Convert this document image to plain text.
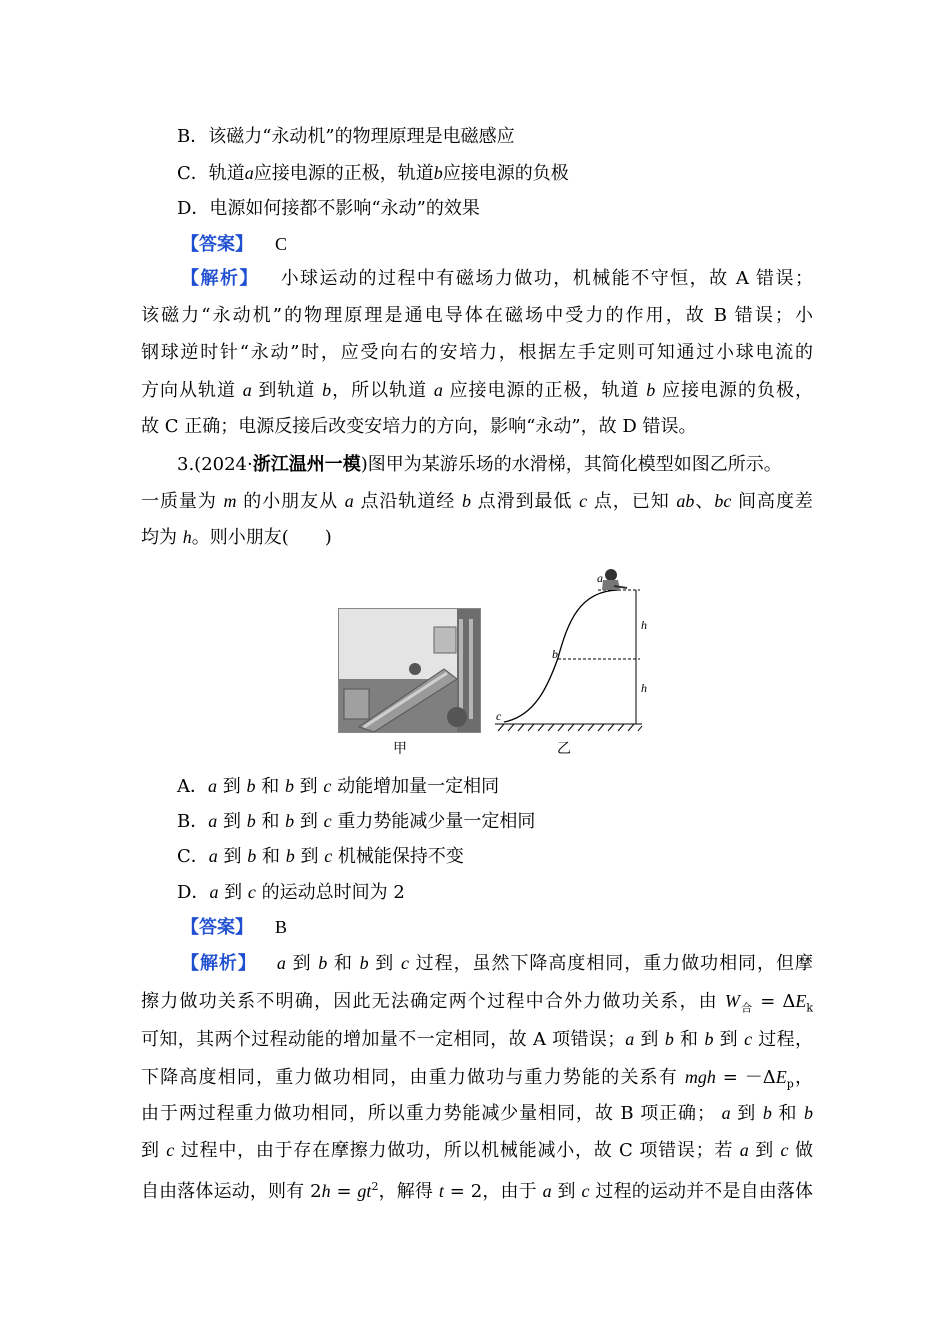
B．该磁力“永动机”的物理原理是电磁感应
C．轨道a应接电源的正极，轨道b应接电源的负极
D．电源如何接都不影响“永动”的效果
【答案】 C
【解析】 小球运动的过程中有磁场力做功，机械能不守恒，故 A 错误；
该磁力“永动机”的物理原理是通电导体在磁场中受力的作用，故 B 错误；小
钢球逆时针“永动”时，应受向右的安培力，根据左手定则可知通过小球电流的
方向从轨道 a 到轨道 b，所以轨道 a 应接电源的正极，轨道 b 应接电源的负极，
故 C 正确；电源反接后改变安培力的方向，影响“永动”，故 D 错误。
3.(2024·浙江温州一模)图甲为某游乐场的水滑梯，其简化模型如图乙所示。
一质量为 m 的小朋友从 a 点沿轨道经 b 点滑到最低 c 点，已知 ab、bc 间高度差
均为 h。则小朋友(　　)
甲
a
b
c
h
h
乙
A．a 到 b 和 b 到 c 动能增加量一定相同
B．a 到 b 和 b 到 c 重力势能减少量一定相同
C．a 到 b 和 b 到 c 机械能保持不变
D．a 到 c 的运动总时间为 2
【答案】 B
【解析】 a 到 b 和 b 到 c 过程，虽然下降高度相同，重力做功相同，但摩
擦力做功关系不明确，因此无法确定两个过程中合外力做功关系，由 $W_合 = \Delta E_k$
可知，其两个过程动能的增加量不一定相同，故 A 项错误；a 到 b 和 b 到 c 过程，
下降高度相同，重力做功相同，由重力做功与重力势能的关系有 mgh = $-\Delta E_p$，
由于两过程重力做功相同，所以重力势能减少量相同，故 B 项正确； a 到 b 和 b
到 c 过程中，由于存在摩擦力做功，所以机械能减小，故 C 项错误；若 a 到 c 做
自由落体运动，则有 $2h = gt^2$，解得 t = 2，由于 a 到 c 过程的运动并不是自由落体
